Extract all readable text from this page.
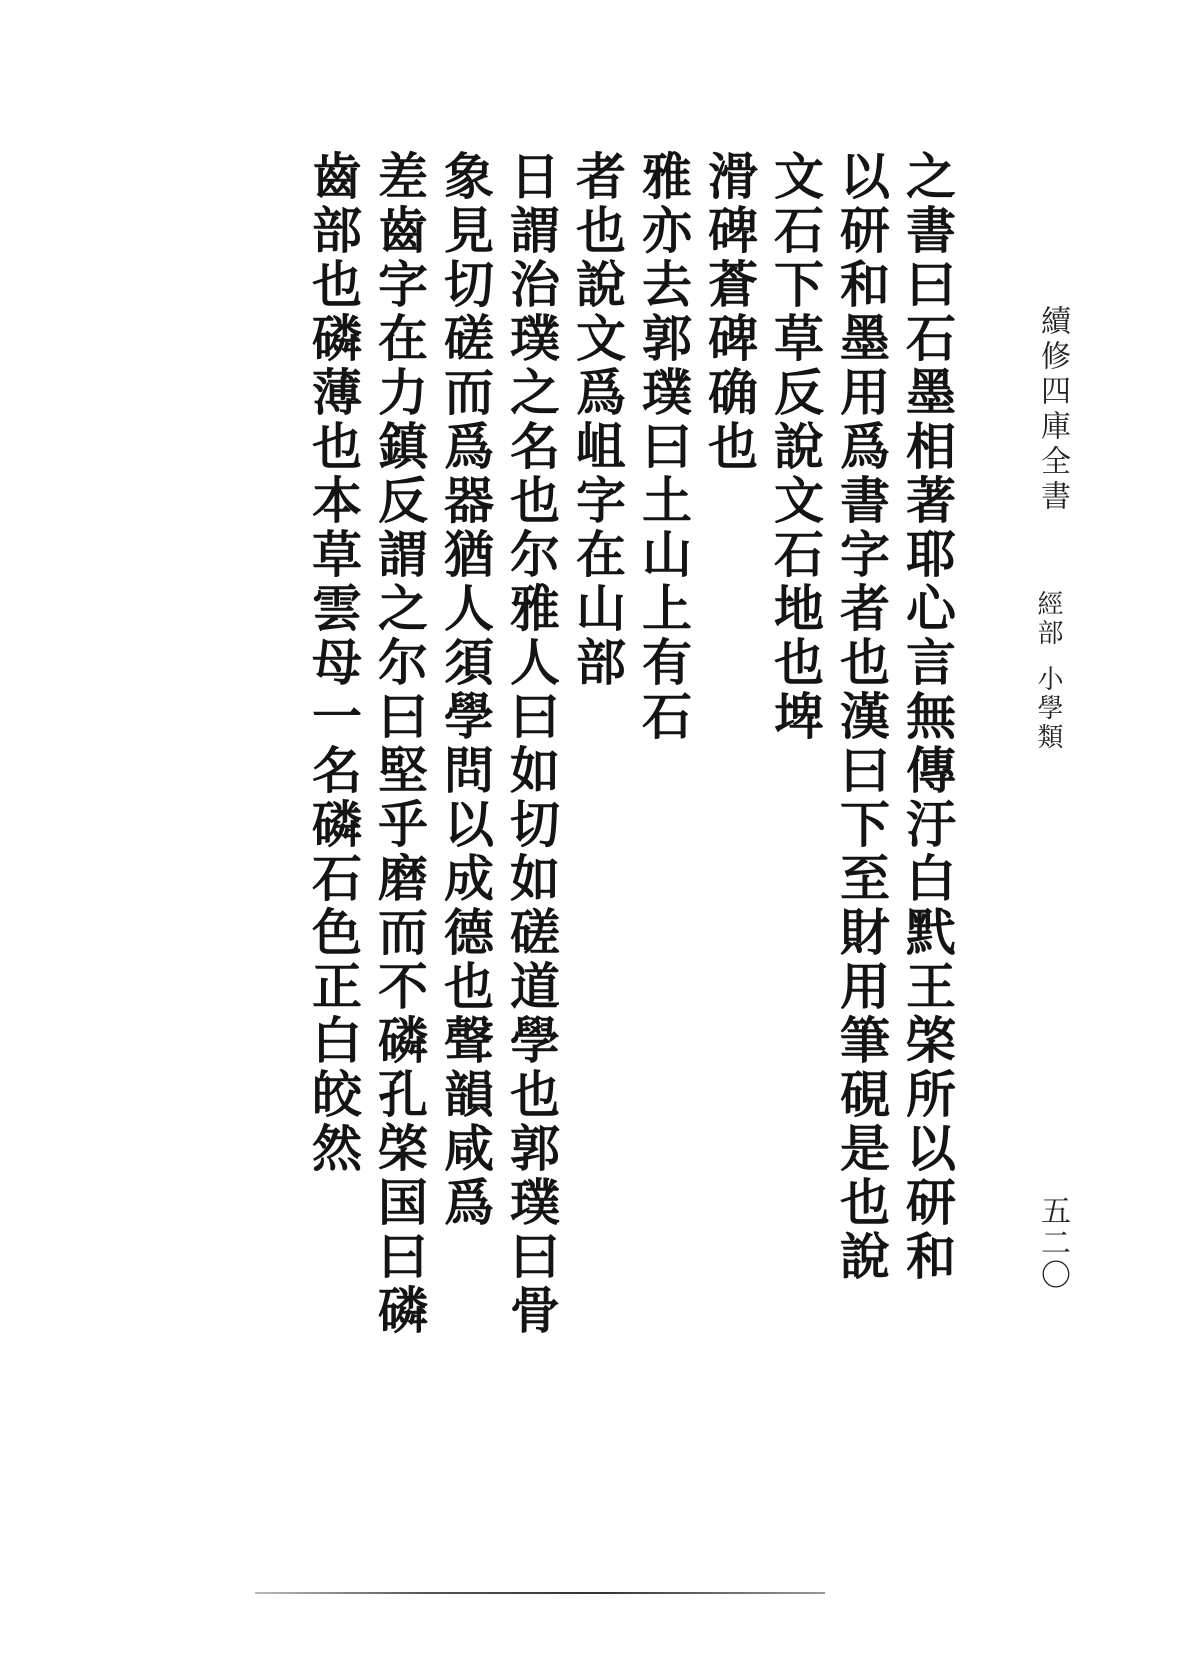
續修四庫全書
經部
小學類
五二〇
之書曰石墨相著耶心言無傳汙白黓王棨所以研和
以研和墨用爲書字者也漢曰下至財用筆硯是也說
文石下草反說文石地也埤
滑碑蒼碑确也
雅亦去郭璞曰土山上有石
者也說文爲岨字在山部
日謂治璞之名也尔雅人曰如切如磋道學也郭璞曰骨
象見切磋而爲器猶人須學問以成德也聲韻咸爲
差齒字在力鎮反謂之尔曰堅乎磨而不磷孔棨国曰磷
齒部也磷薄也本草雲母一名磷石色正白皎然
